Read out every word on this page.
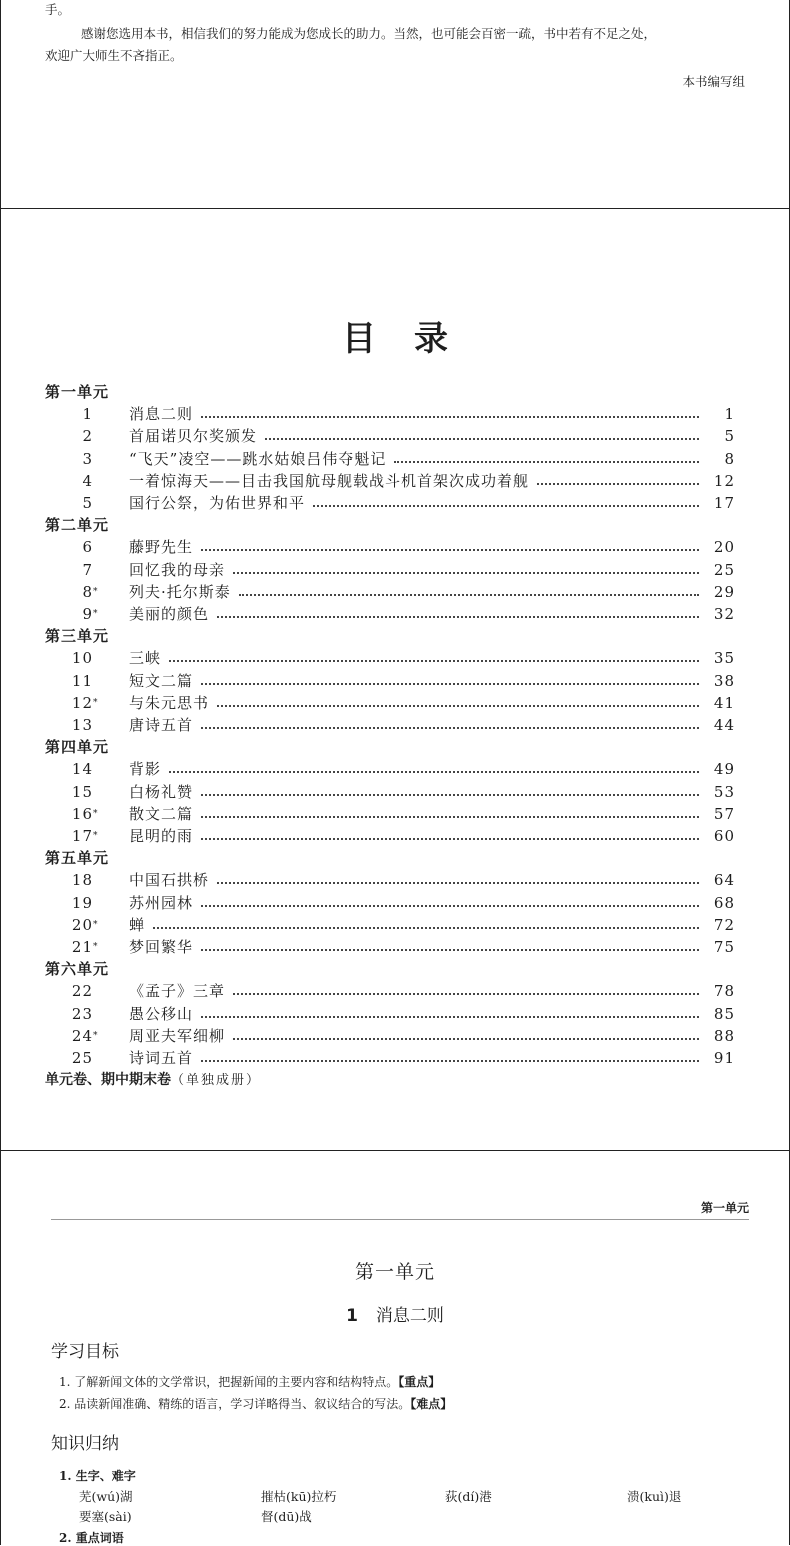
手。
感谢您选用本书，相信我们的努力能成为您成长的助力。当然，也可能会百密一疏，书中若有不足之处，
欢迎广大师生不吝指正。
本书编写组
目录
第一单元
1 消息二则	1
2 首届诺贝尔奖颁发	5
3 “飞天”凌空——跳水姑娘吕伟夺魁记	8
4 一着惊海天——目击我国航母舰载战斗机首架次成功着舰	12
5 国行公祭，为佑世界和平	17
第二单元
6 藤野先生	20
7 回忆我的母亲	25
8 * 列夫·托尔斯泰	29
9 * 美丽的颜色	32
第三单元
10 三峡	35
11 短文二篇	38
12 * 与朱元思书	41
13 唐诗五首	44
第四单元
14 背影	49
15 白杨礼赞	53
16 * 散文二篇	57
17 * 昆明的雨	60
第五单元
18 中国石拱桥	64
19 苏州园林	68
20 * 蝉	72
21 * 梦回繁华	75
第六单元
22 《孟子》三章	78
23 愚公移山	85
24 * 周亚夫军细柳	88
25 诗词五首	91
单元卷、期中期末卷（单独成册）
第一单元
第一单元
1 消息二则
学习目标
1. 了解新闻文体的文学常识，把握新闻的主要内容和结构特点。【重点】
2. 品读新闻准确、精练的语言，学习详略得当、叙议结合的写法。【难点】
知识归纳
1. 生字、难字
芜(wú)湖	摧枯(kū)拉朽	荻(dí)港	溃(kuì)退
要塞(sài)	督(dū)战
2. 重点词语
